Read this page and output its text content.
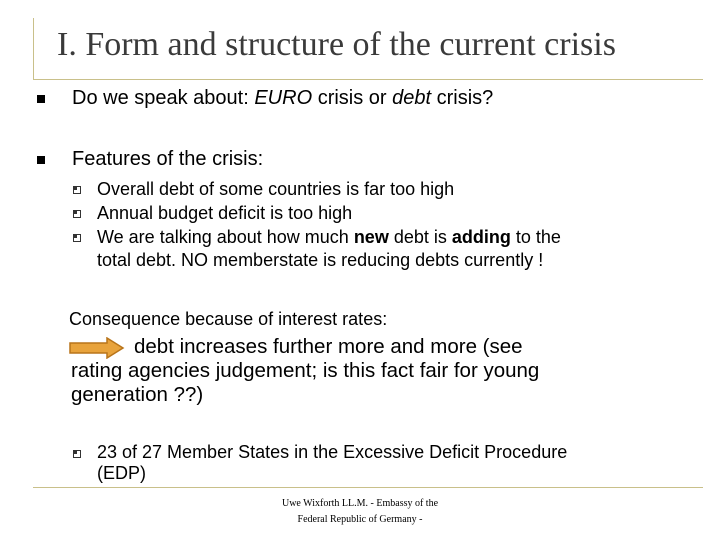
I. Form and structure of the current crisis
Do we speak about: EURO crisis or debt crisis?
Features of the crisis:
Overall debt of some countries is far too high
Annual budget deficit is too high
We are talking about how much new debt is adding to the
total debt. NO memberstate is reducing debts currently !
Consequence because of interest rates:
debt increases further more and more (see
rating agencies judgement; is this fact fair for young
generation ??)
23 of 27 Member States in the Excessive Deficit Procedure
(EDP)
Uwe Wixforth LL.M. - Embassy of the
Federal Republic of Germany -
